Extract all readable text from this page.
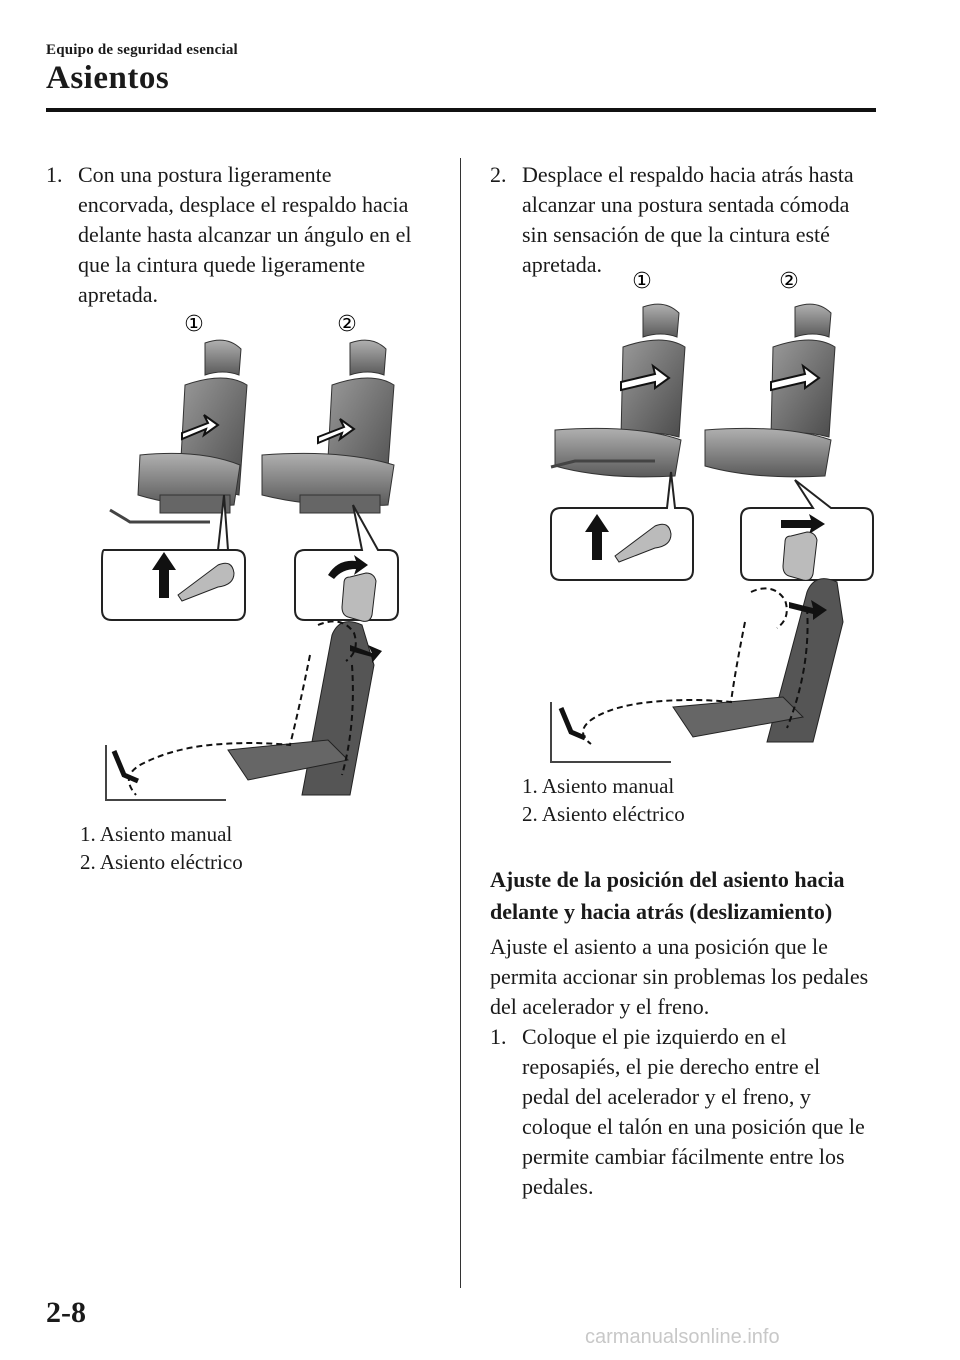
Equipo de seguridad esencial
Asientos
1. Con una postura ligeramente
encorvada, desplace el respaldo hacia
delante hasta alcanzar un ángulo en el
que la cintura quede ligeramente
apretada.
①	②
1. Asiento manual
2. Asiento eléctrico
2. Desplace el respaldo hacia atrás hasta
alcanzar una postura sentada cómoda
sin sensación de que la cintura esté
apretada.
①	②
1. Asiento manual
2. Asiento eléctrico
Ajuste de la posición del asiento hacia
delante y hacia atrás (deslizamiento)
Ajuste el asiento a una posición que le
permita accionar sin problemas los pedales
del acelerador y el freno.
1. Coloque el pie izquierdo en el
reposapiés, el pie derecho entre el
pedal del acelerador y el freno, y
coloque el talón en una posición que le
permite cambiar fácilmente entre los
pedales.
2-8
carmanualsonline.info
